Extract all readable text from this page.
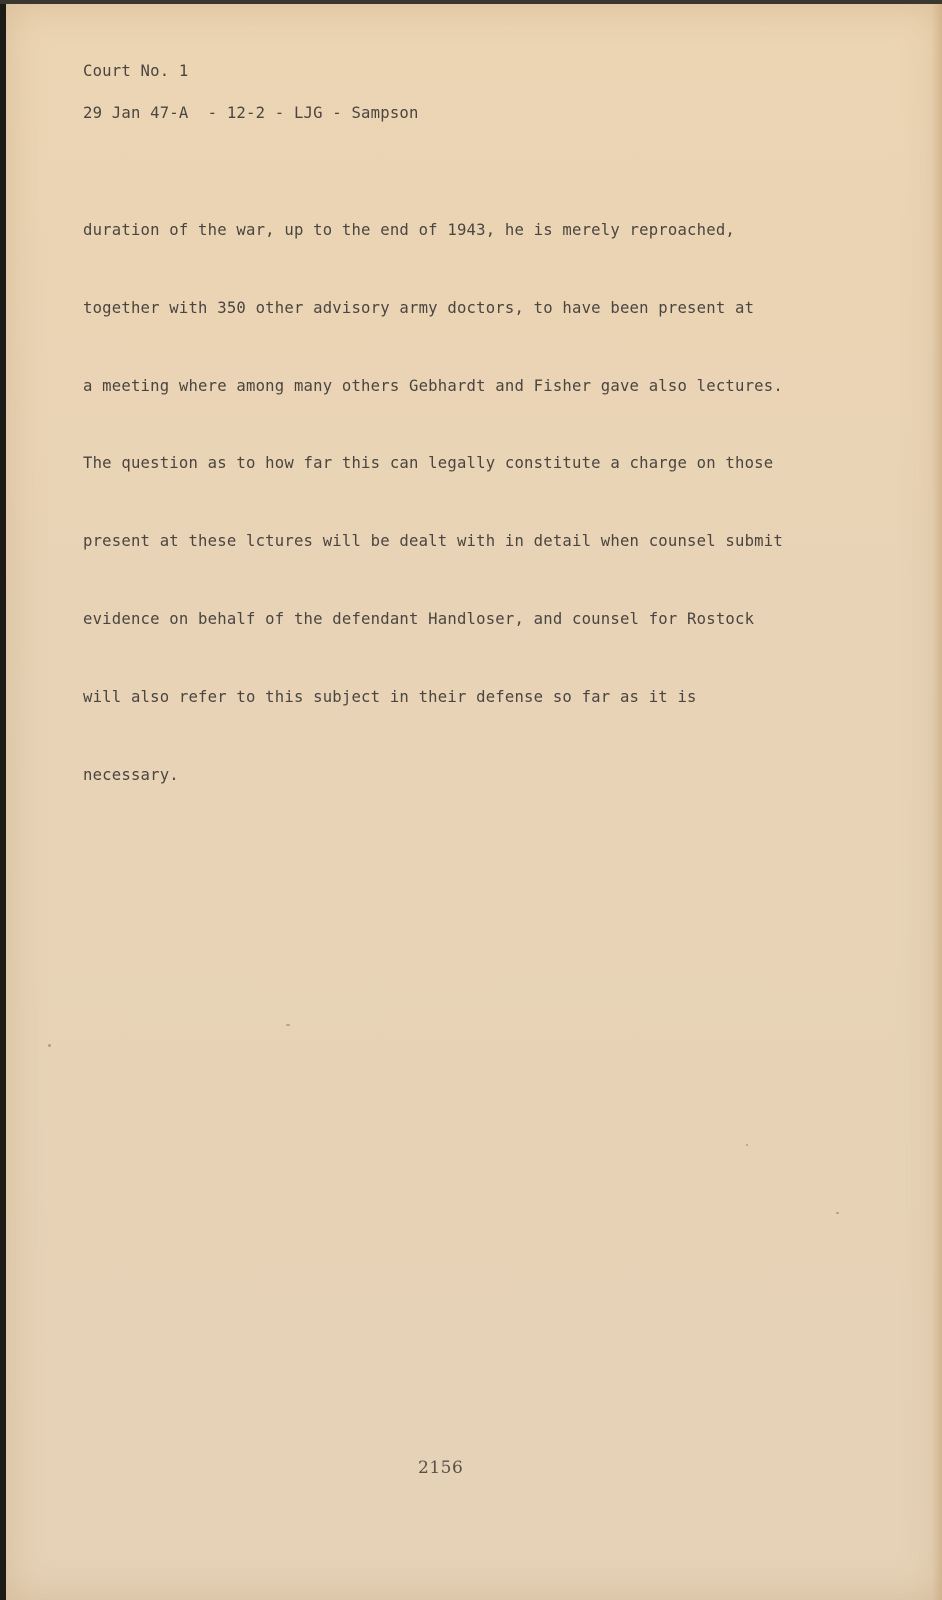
Court No. 1
29 Jan 47-A  - 12-2 - LJG - Sampson

duration of the war, up to the end of 1943, he is merely reproached,

together with 350 other advisory army doctors, to have been present at

a meeting where among many others Gebhardt and Fisher gave also lectures.

The question as to how far this can legally constitute a charge on those

present at these lctures will be dealt with in detail when counsel submit

evidence on behalf of the defendant Handloser, and counsel for Rostock

will also refer to this subject in their defense so far as it is

necessary.

2156
